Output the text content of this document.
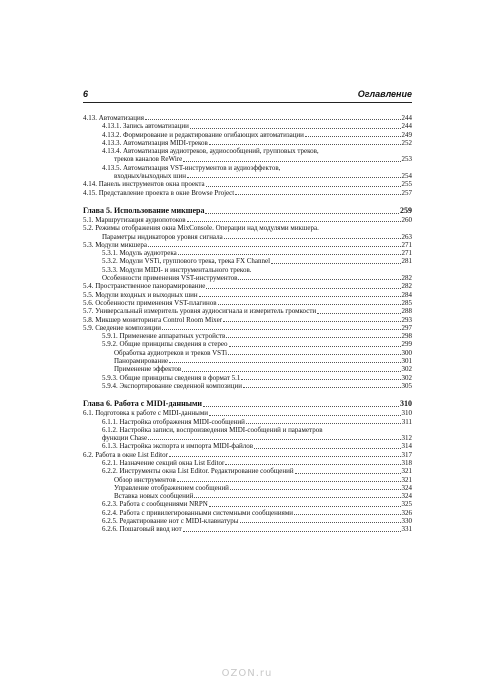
6	Оглавление
4.13. Автоматизация	244
4.13.1. Запись автоматизации	244
4.13.2. Формирование и редактирование огибающих автоматизации	249
4.13.3. Автоматизация MIDI-треков	252
4.13.4. Автоматизация аудиотреков, аудиосообщений, групповых треков,
треков каналов ReWire	253
4.13.5. Автоматизация VST-инструментов и аудиоэффектов,
входных/выходных шин	254
4.14. Панель инструментов окна проекта	255
4.15. Представление проекта в окне Browse Project	257
Глава 5. Использование микшера	259
5.1. Маршрутизация аудиопотоков	260
5.2. Режимы отображения окна MixConsole. Операции над модулями микшера.
Параметры индикаторов уровня сигнала	263
5.3. Модули микшера	271
5.3.1. Модуль аудиотрека	271
5.3.2. Модули VSTi, группового трека, трека FX Channel	281
5.3.3. Модули MIDI- и инструментального треков.
Особенности применения VST-инструментов	282
5.4. Пространственное панорамирование	282
5.5. Модули входных и выходных шин	284
5.6. Особенности применения VST-плагинов	285
5.7. Универсальный измеритель уровня аудиосигнала и измеритель громкости	288
5.8. Микшер мониторинга Control Room Mixer	293
5.9. Сведение композиции	297
5.9.1. Применение аппаратных устройств	298
5.9.2. Общие принципы сведения в стерео	299
Обработка аудиотреков и треков VSTi	300
Панорамирование	301
Применение эффектов	302
5.9.3. Общие принципы сведения в формат 5.1	302
5.9.4. Экспортирование сведенной композиции	305
Глава 6. Работа с MIDI-данными	310
6.1. Подготовка к работе с MIDI-данными	310
6.1.1. Настройка отображения MIDI-сообщений	311
6.1.2. Настройка записи, воспроизведения MIDI-сообщений и параметров
функции Chase	312
6.1.3. Настройка экспорта и импорта MIDI-файлов	314
6.2. Работа в окне List Editor	317
6.2.1. Назначение секций окна List Editor	318
6.2.2. Инструменты окна List Editor. Редактирование сообщений	321
Обзор инструментов	321
Управление отображением сообщений	324
Вставка новых сообщений	324
6.2.3. Работа с сообщениями NRPN	325
6.2.4. Работа с привилегированными системными сообщениями	326
6.2.5. Редактирование нот с MIDI-клавиатуры	330
6.2.6. Пошаговый ввод нот	331
OZON.ru
